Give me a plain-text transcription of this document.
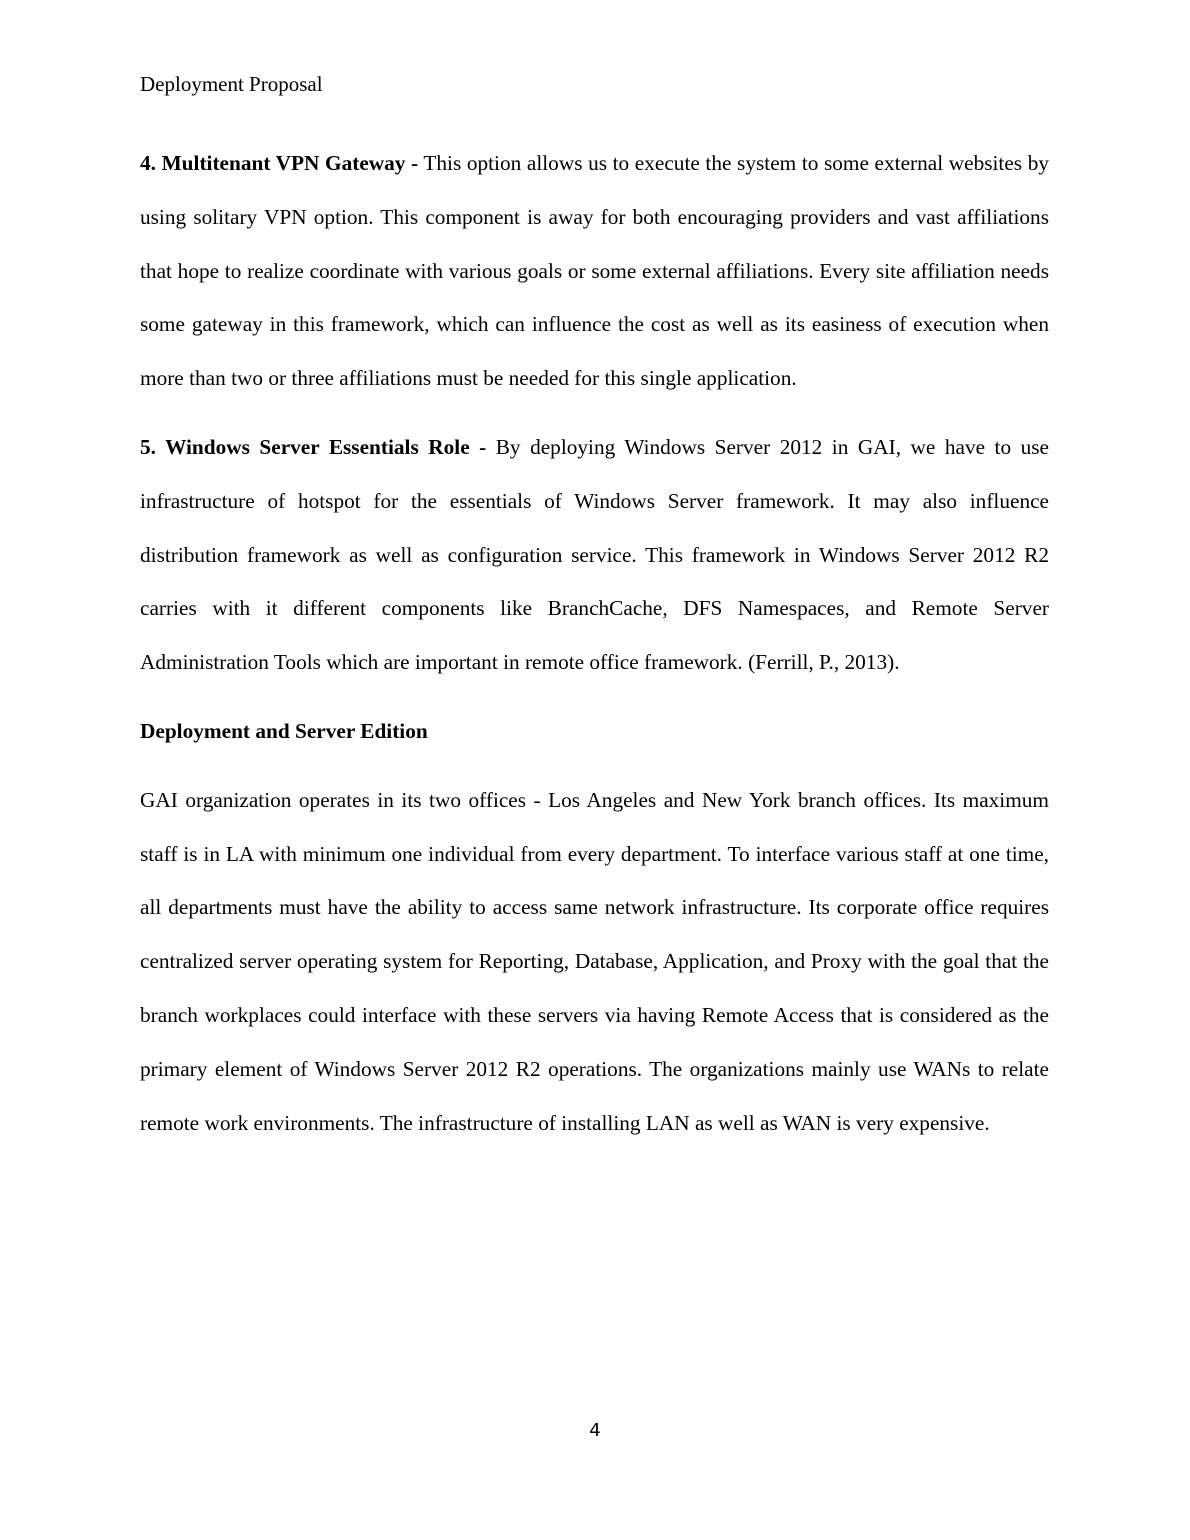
Deployment Proposal

4. Multitenant VPN Gateway - This option allows us to execute the system to some external websites by using solitary VPN option. This component is away for both encouraging providers and vast affiliations that hope to realize coordinate with various goals or some external affiliations. Every site affiliation needs some gateway in this framework, which can influence the cost as well as its easiness of execution when more than two or three affiliations must be needed for this single application.

5. Windows Server Essentials Role - By deploying Windows Server 2012 in GAI, we have to use infrastructure of hotspot for the essentials of Windows Server framework. It may also influence distribution framework as well as configuration service. This framework in Windows Server 2012 R2 carries with it different components like BranchCache, DFS Namespaces, and Remote Server Administration Tools which are important in remote office framework. (Ferrill, P., 2013).

Deployment and Server Edition

GAI organization operates in its two offices - Los Angeles and New York branch offices. Its maximum staff is in LA with minimum one individual from every department. To interface various staff at one time, all departments must have the ability to access same network infrastructure. Its corporate office requires centralized server operating system for Reporting, Database, Application, and Proxy with the goal that the branch workplaces could interface with these servers via having Remote Access that is considered as the primary element of Windows Server 2012 R2 operations. The organizations mainly use WANs to relate remote work environments. The infrastructure of installing LAN as well as WAN is very expensive.

4
